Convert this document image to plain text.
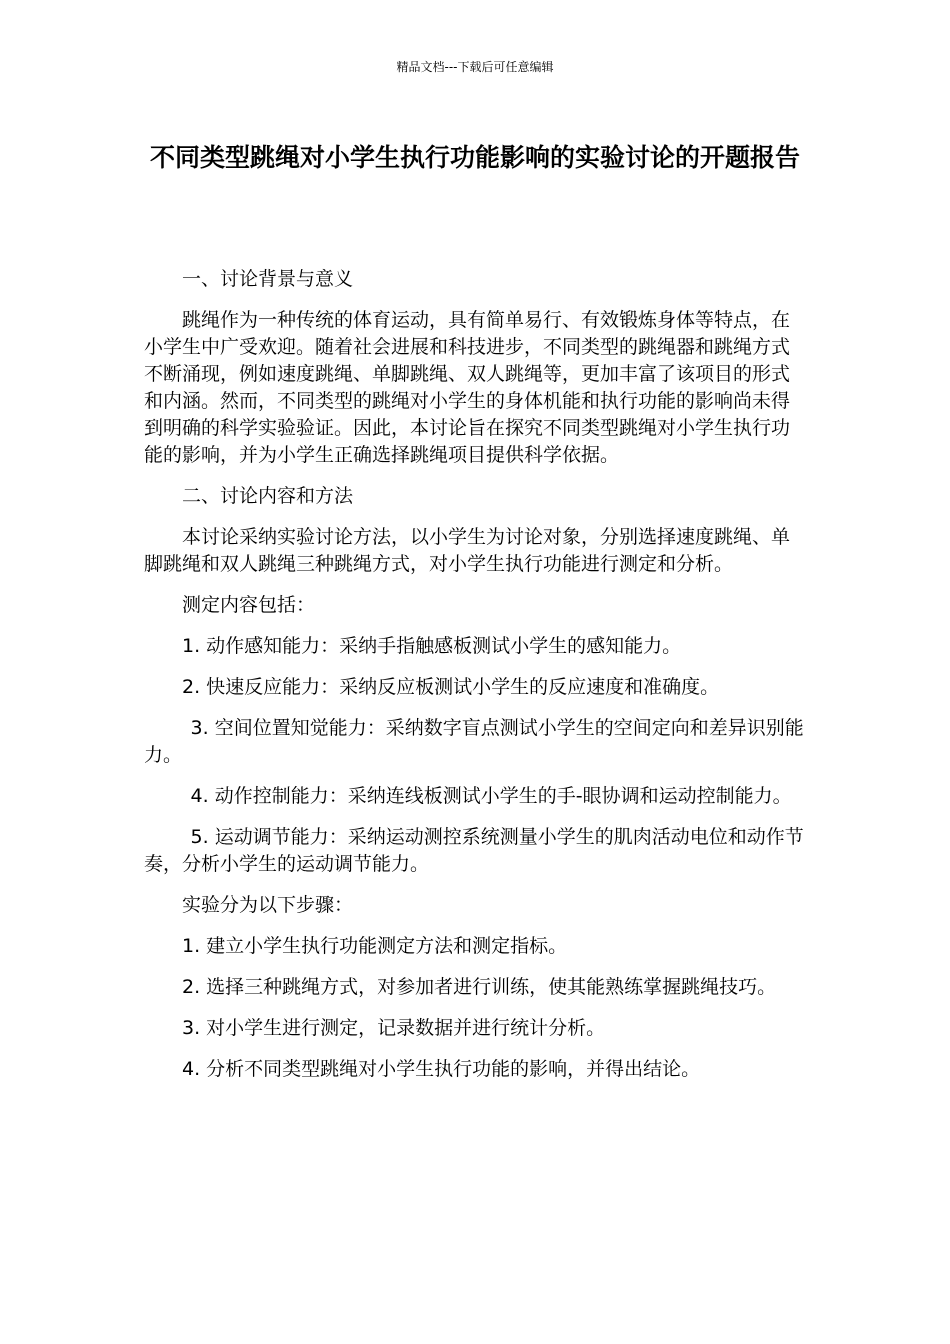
精品文档---下载后可任意编辑
不同类型跳绳对小学生执行功能影响的实验讨论的开题报告

一、讨论背景与意义

跳绳作为一种传统的体育运动，具有简单易行、有效锻炼身体等特点，在小学生中广受欢迎。随着社会进展和科技进步，不同类型的跳绳器和跳绳方式不断涌现，例如速度跳绳、单脚跳绳、双人跳绳等，更加丰富了该项目的形式和内涵。然而，不同类型的跳绳对小学生的身体机能和执行功能的影响尚未得到明确的科学实验验证。因此，本讨论旨在探究不同类型跳绳对小学生执行功能的影响，并为小学生正确选择跳绳项目提供科学依据。

二、讨论内容和方法

本讨论采纳实验讨论方法，以小学生为讨论对象，分别选择速度跳绳、单脚跳绳和双人跳绳三种跳绳方式，对小学生执行功能进行测定和分析。

测定内容包括：

1. 动作感知能力：采纳手指触感板测试小学生的感知能力。

2. 快速反应能力：采纳反应板测试小学生的反应速度和准确度。

3. 空间位置知觉能力：采纳数字盲点测试小学生的空间定向和差异识别能力。

4. 动作控制能力：采纳连线板测试小学生的手-眼协调和运动控制能力。

5. 运动调节能力：采纳运动测控系统测量小学生的肌肉活动电位和动作节奏，分析小学生的运动调节能力。

实验分为以下步骤：

1. 建立小学生执行功能测定方法和测定指标。

2. 选择三种跳绳方式，对参加者进行训练，使其能熟练掌握跳绳技巧。

3. 对小学生进行测定，记录数据并进行统计分析。

4. 分析不同类型跳绳对小学生执行功能的影响，并得出结论。
